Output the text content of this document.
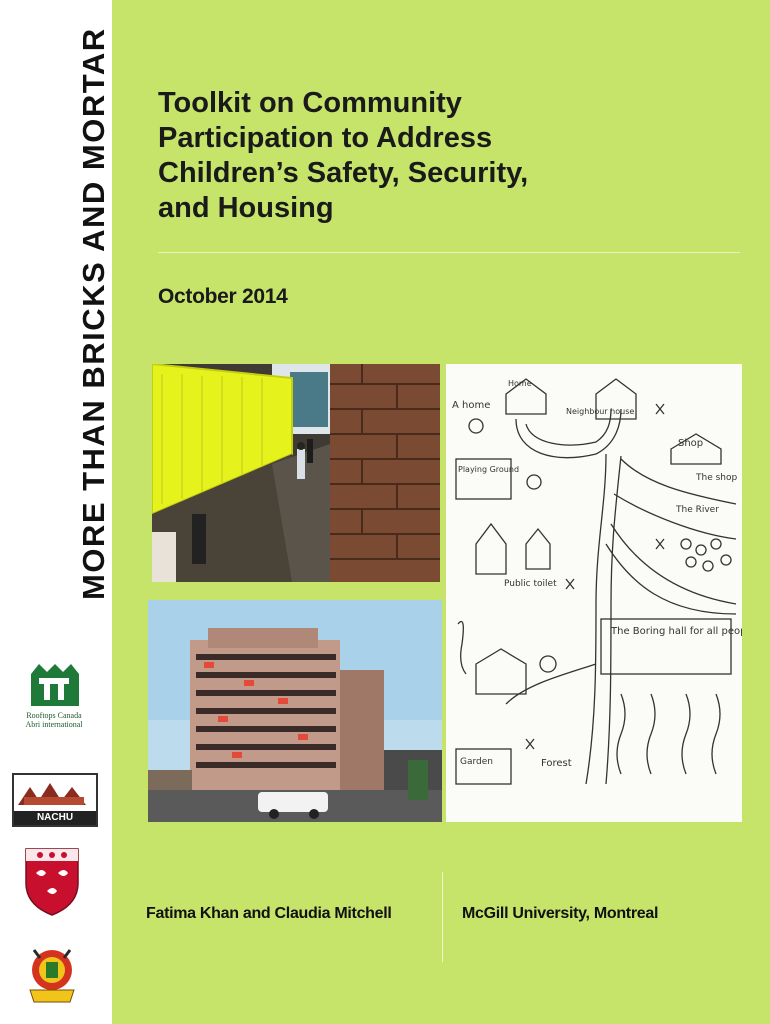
MORE THAN BRICKS AND MORTAR
Rooftops Canada
Abri international
NACHU
Toolkit on Community
Participation to Address
Children’s Safety, Security,
and Housing
October 2014
A home
Home
Neighbour house
Shop
The shop
Playing Ground
The River
Public toilet
The Boring hall for all people
Forest
Garden
Fatima Khan and Claudia Mitchell	McGill University, Montreal
